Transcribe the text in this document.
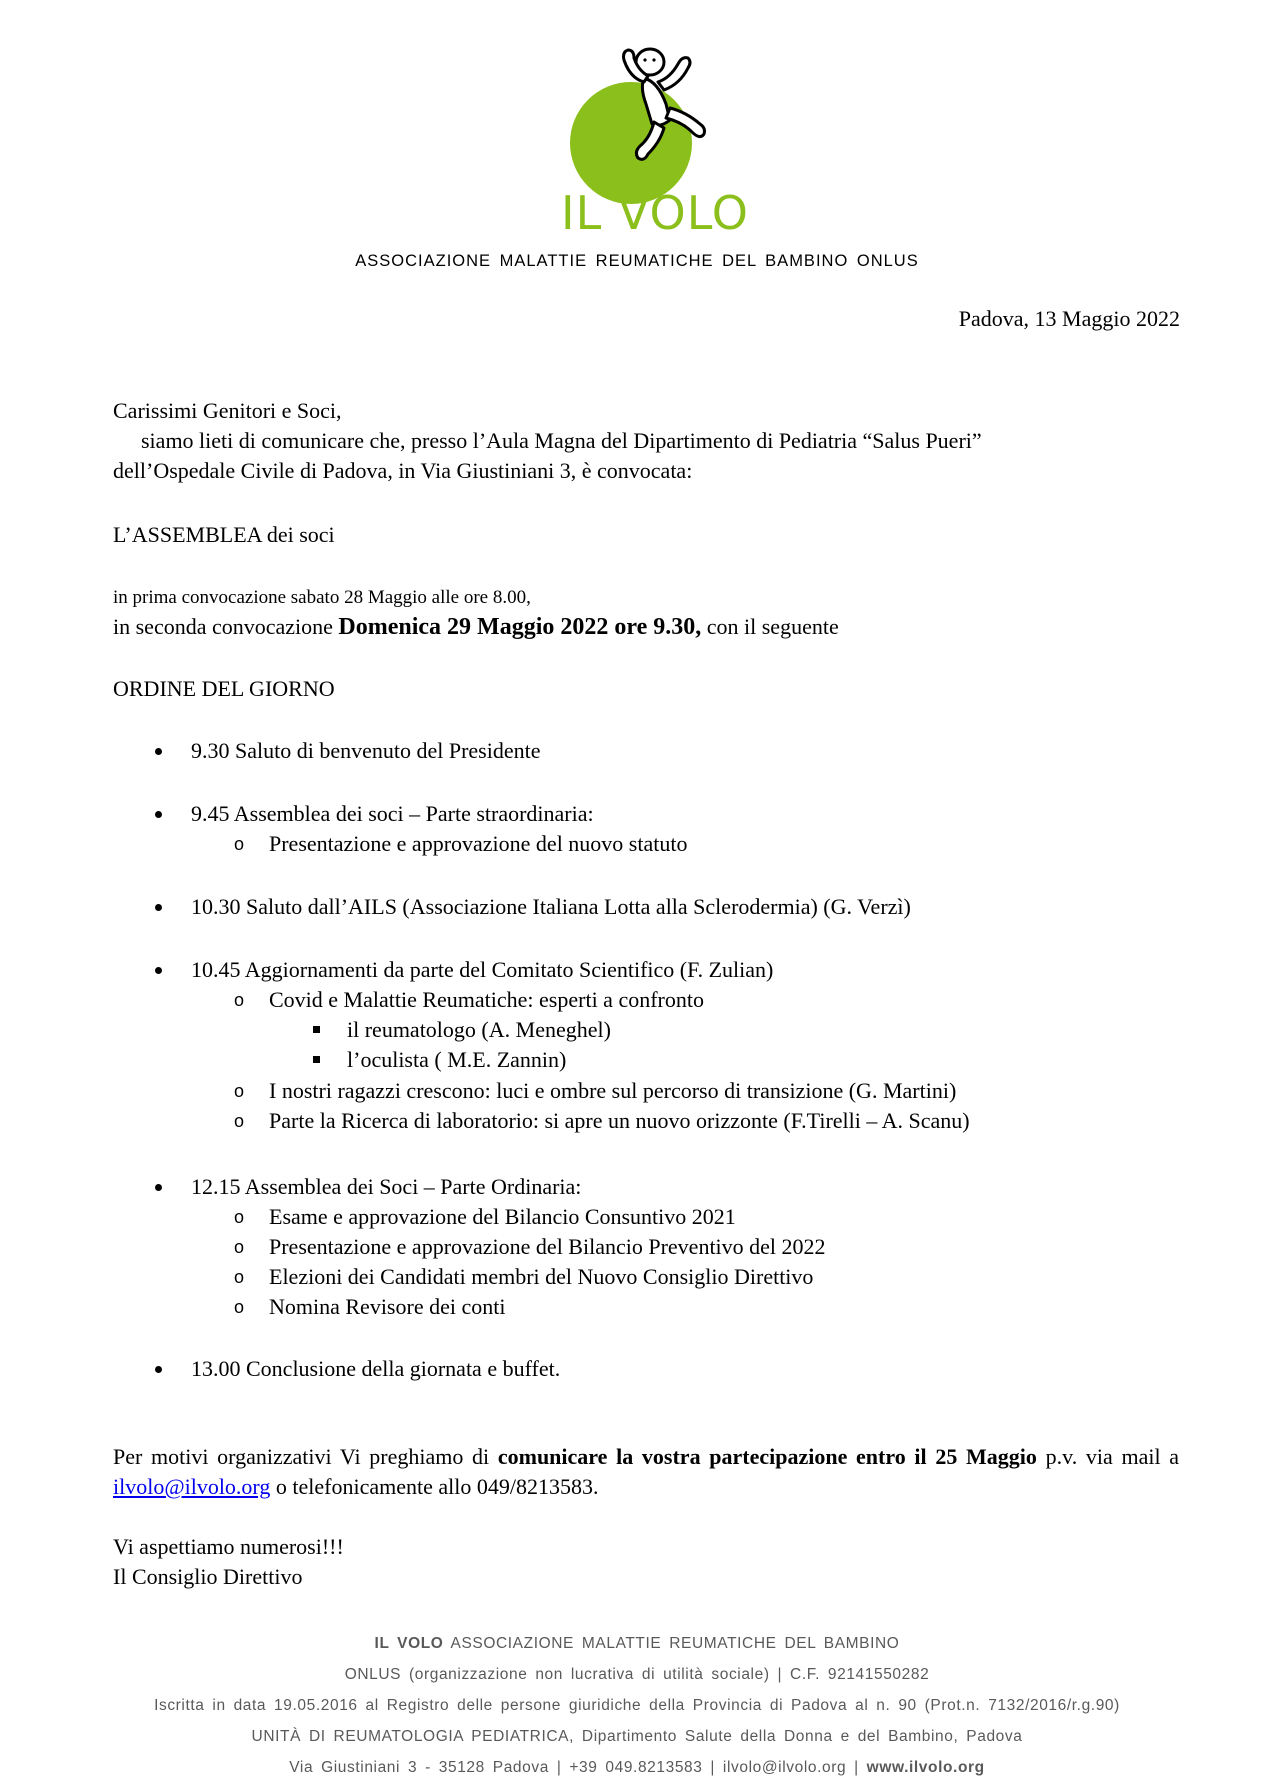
IL VOLO
ASSOCIAZIONE MALATTIE REUMATICHE DEL BAMBINO ONLUS
Padova, 13 Maggio 2022
Carissimi Genitori e Soci,
siamo lieti di comunicare che, presso l’Aula Magna del Dipartimento di Pediatria “Salus Pueri”
dell’Ospedale Civile di Padova, in Via Giustiniani 3, è convocata:
L’ASSEMBLEA dei soci
in prima convocazione sabato 28 Maggio alle ore 8.00,
in seconda convocazione Domenica 29 Maggio 2022 ore 9.30, con il seguente
ORDINE DEL GIORNO
9.30 Saluto di benvenuto del Presidente
9.45 Assemblea dei soci – Parte straordinaria:
o Presentazione e approvazione del nuovo statuto
10.30 Saluto dall’AILS (Associazione Italiana Lotta alla Sclerodermia) (G. Verzì)
10.45 Aggiornamenti da parte del Comitato Scientifico (F. Zulian)
o Covid e Malattie Reumatiche: esperti a confronto
il reumatologo (A. Meneghel)
l’oculista ( M.E. Zannin)
o I nostri ragazzi crescono: luci e ombre sul percorso di transizione (G. Martini)
o Parte la Ricerca di laboratorio: si apre un nuovo orizzonte (F.Tirelli – A. Scanu)
12.15 Assemblea dei Soci – Parte Ordinaria:
o Esame e approvazione del Bilancio Consuntivo 2021
o Presentazione e approvazione del Bilancio Preventivo del 2022
o Elezioni dei Candidati membri del Nuovo Consiglio Direttivo
o Nomina Revisore dei conti
13.00 Conclusione della giornata e buffet.
Per motivi organizzativi Vi preghiamo di comunicare la vostra partecipazione entro il 25 Maggio p.v. via mail a ilvolo@ilvolo.org o telefonicamente allo 049/8213583.
Vi aspettiamo numerosi!!!
Il Consiglio Direttivo
IL VOLO ASSOCIAZIONE MALATTIE REUMATICHE DEL BAMBINO
ONLUS (organizzazione non lucrativa di utilità sociale) | C.F. 92141550282
Iscritta in data 19.05.2016 al Registro delle persone giuridiche della Provincia di Padova al n. 90 (Prot.n. 7132/2016/r.g.90)
UNITÀ DI REUMATOLOGIA PEDIATRICA, Dipartimento Salute della Donna e del Bambino, Padova
Via Giustiniani 3 - 35128 Padova | +39 049.8213583 | ilvolo@ilvolo.org | www.ilvolo.org
